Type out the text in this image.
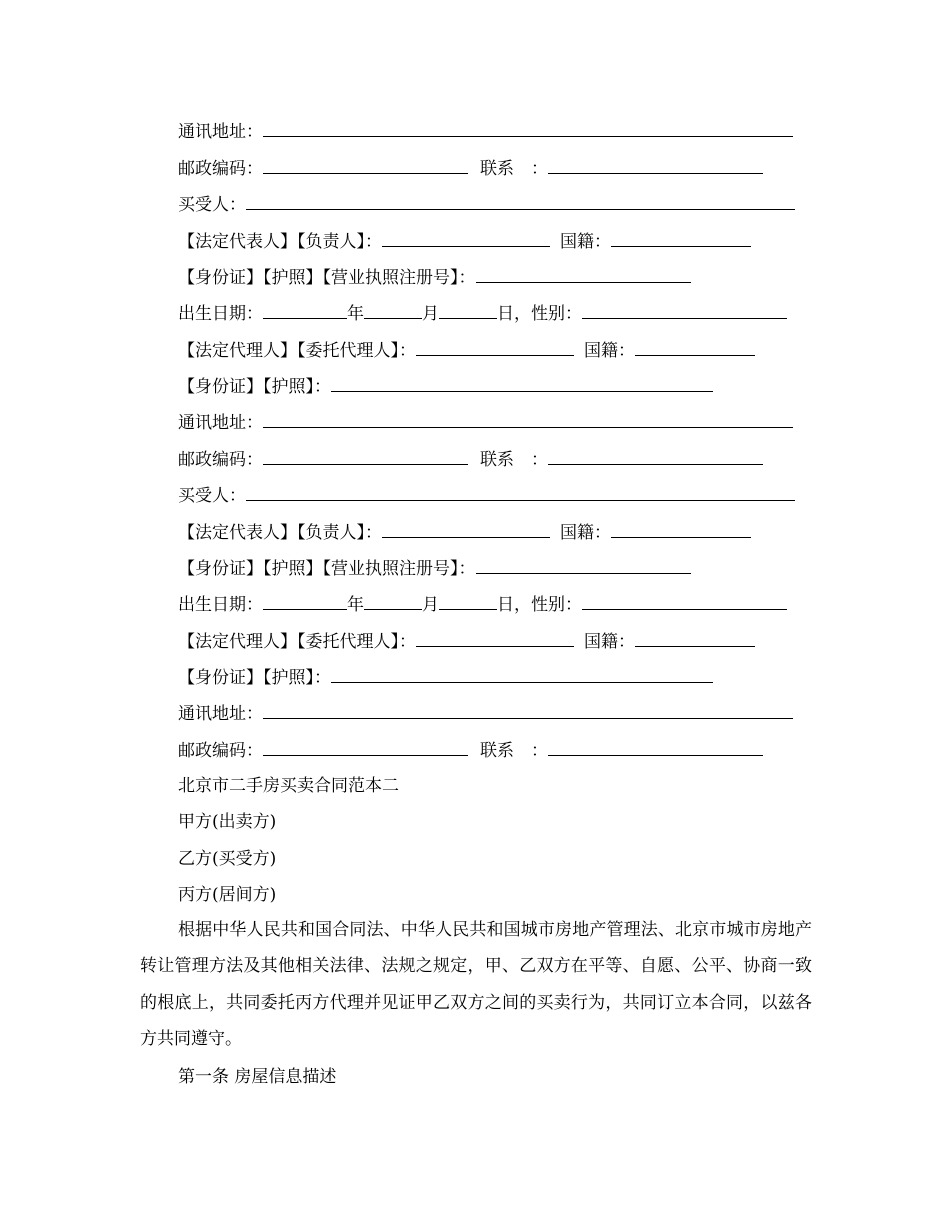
通讯地址：
邮政编码：	联系　：
买受人：
【法定代表人】【负责人】：	国籍：
【身份证】【护照】【营业执照注册号】：
出生日期：	年	月	日，性别：
【法定代理人】【委托代理人】：	国籍：
【身份证】【护照】：
通讯地址：
邮政编码：	联系　：
买受人：
【法定代表人】【负责人】：	国籍：
【身份证】【护照】【营业执照注册号】：
出生日期：	年	月	日，性别：
【法定代理人】【委托代理人】：	国籍：
【身份证】【护照】：
通讯地址：
邮政编码：	联系　：
北京市二手房买卖合同范本二
甲方(出卖方)
乙方(买受方)
丙方(居间方)
根据中华人民共和国合同法、中华人民共和国城市房地产管理法、北京市城市房地产转让管理方法及其他相关法律、法规之规定，甲、乙双方在平等、自愿、公平、协商一致的根底上，共同委托丙方代理并见证甲乙双方之间的买卖行为，共同订立本合同，以兹各方共同遵守。
第一条 房屋信息描述
